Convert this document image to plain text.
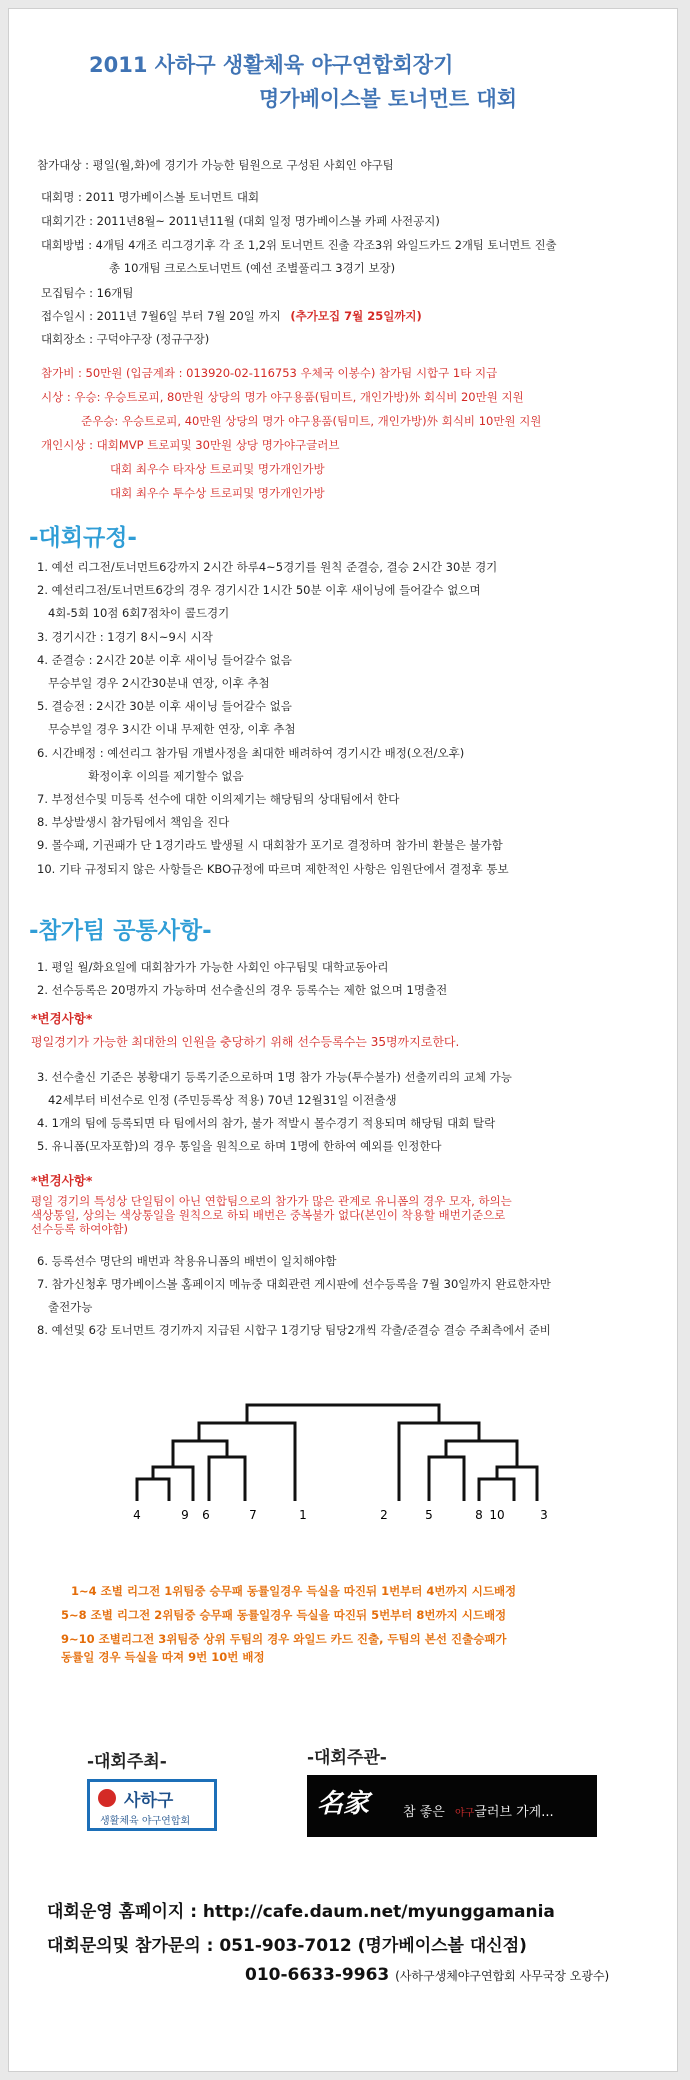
2011 사하구 생활체육 야구연합회장기
명가베이스볼 토너먼트 대회
참가대상 : 평일(월,화)에 경기가 가능한 팀원으로 구성된 사회인 야구팀
대회명 : 2011 명가베이스볼 토너먼트 대회
대회기간 : 2011년8월~ 2011년11월 (대회 일정 명가베이스볼 카페 사전공지)
대회방법 : 4개팀 4개조 리그경기후 각 조 1,2위 토너먼트 진출 각조3위 와일드카드 2개팀 토너먼트 진출
총 10개팀 크로스토너먼트 (예선 조별풀리그 3경기 보장)
모집팀수 : 16개팀
접수일시 : 2011년 7월6일 부터 7월 20일 까지 (추가모집 7월 25일까지)
대회장소 : 구덕야구장 (정규구장)
참가비 : 50만원 (입금계좌 : 013920-02-116753 우체국 이봉수) 참가팀 시합구 1타 지급
시상 : 우승: 우승트로피, 80만원 상당의 명가 야구용품(팀미트, 개인가방)外 회식비 20만원 지원
준우승: 우승트로피, 40만원 상당의 명가 야구용품(팀미트, 개인가방)外 회식비 10만원 지원
개인시상 : 대회MVP 트로피및 30만원 상당 명가야구글러브
대회 최우수 타자상 트로피및 명가개인가방
대회 최우수 투수상 트로피및 명가개인가방
-대회규정-
1. 예선 리그전/토너먼트6강까지 2시간 하루4~5경기를 원칙 준결승, 결승 2시간 30분 경기
2. 예선리그전/토너먼트6강의 경우 경기시간 1시간 50분 이후 새이닝에 들어갈수 없으며
4회-5회 10점 6회7점차이 콜드경기
3. 경기시간 : 1경기 8시~9시 시작
4. 준결승 : 2시간 20분 이후 새이닝 들어갈수 없음
무승부일 경우 2시간30분내 연장, 이후 추첨
5. 결승전 : 2시간 30분 이후 새이닝 들어갈수 없음
무승부일 경우 3시간 이내 무제한 연장, 이후 추첨
6. 시간배정 : 예선리그 참가팀 개별사정을 최대한 배려하여 경기시간 배정(오전/오후)
확정이후 이의를 제기할수 없음
7. 부정선수및 미등록 선수에 대한 이의제기는 해당팀의 상대팀에서 한다
8. 부상발생시 참가팀에서 책임을 진다
9. 몰수패, 기권패가 단 1경기라도 발생될 시 대회참가 포기로 결정하며 참가비 환불은 불가함
10. 기타 규정되지 않은 사항들은 KBO규정에 따르며 제한적인 사항은 임원단에서 결정후 통보
-참가팀 공통사항-
1. 평일 월/화요일에 대회참가가 가능한 사회인 야구팀및 대학교동아리
2. 선수등록은 20명까지 가능하며 선수출신의 경우 등록수는 제한 없으며 1명출전
*변경사항*
평일경기가 가능한 최대한의 인원을 충당하기 위해 선수등록수는 35명까지로한다.
3. 선수출신 기준은 봉황대기 등록기준으로하며 1명 참가 가능(투수불가) 선출끼리의 교체 가능
42세부터 비선수로 인정 (주민등록상 적용) 70년 12월31일 이전출생
4. 1개의 팀에 등록되면 타 팀에서의 참가, 불가 적발시 몰수경기 적용되며 해당팀 대회 탈락
5. 유니폼(모자포함)의 경우 통일을 원칙으로 하며 1명에 한하여 예외를 인정한다
*변경사항*
평일 경기의 특성상 단일팀이 아닌 연합팀으로의 참가가 많은 관계로 유니폼의 경우 모자, 하의는
색상통일, 상의는 색상통일을 원칙으로 하되 배번은 중복불가 없다(본인이 착용할 배번기준으로
선수등록 하여야함)
6. 등록선수 명단의 배번과 착용유니폼의 배번이 일치해야함
7. 참가신청후 명가베이스볼 홈페이지 메뉴중 대회관련 게시판에 선수등록을 7월 30일까지 완료한자만
출전가능
8. 예선및 6강 토너먼트 경기까지 지급된 시합구 1경기당 팀당2개씩 각출/준결승 결승 주최측에서 준비
4	9 6	7	1	2	5	8 10	3
1~4 조별 리그전 1위팀중 승무패 동률일경우 득실을 따진뒤 1번부터 4번까지 시드배정
5~8 조별 리그전 2위팀중 승무패 동률일경우 득실을 따진뒤 5번부터 8번까지 시드배정
9~10 조별리그전 3위팀중 상위 두팀의 경우 와일드 카드 진출, 두팀의 본선 진출승패가
동률일 경우 득실을 따져 9번 10번 배정
-대회주최-
사하구
생활체육 야구연합회
-대회주관-
名家	참 좋은 야구글러브 가게...
대회운영 홈페이지 : http://cafe.daum.net/myunggamania
대회문의및 참가문의 : 051-903-7012 (명가베이스볼 대신점)
010-6633-9963 (사하구생체야구연합회 사무국장 오광수)
